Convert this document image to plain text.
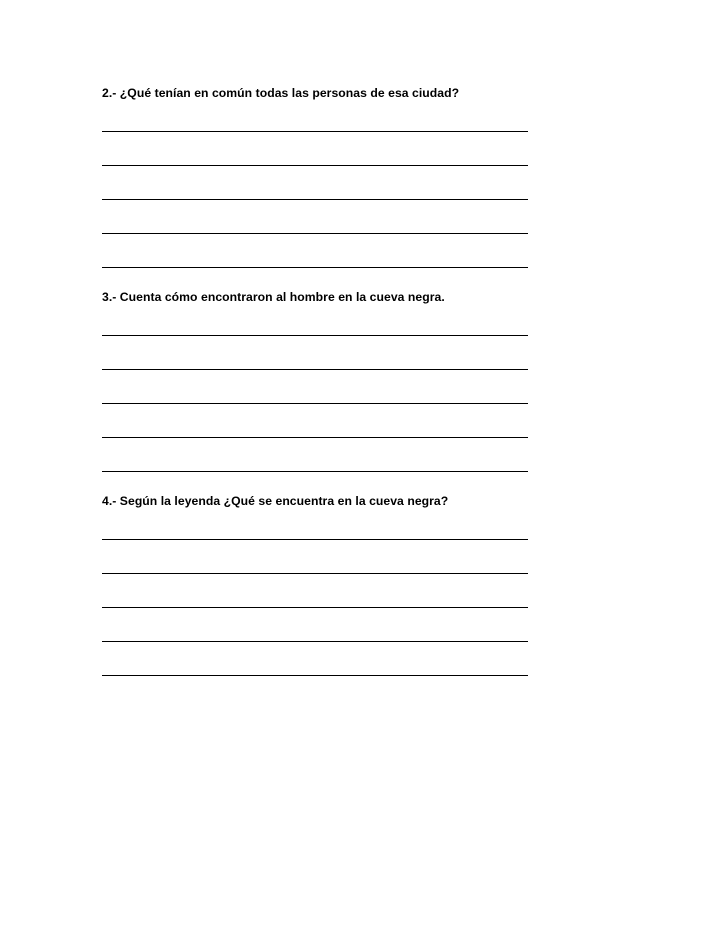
2.- ¿Qué tenían en común todas las personas de esa ciudad?
3.- Cuenta cómo encontraron al hombre en la cueva negra.
4.- Según la leyenda ¿Qué se encuentra en la cueva negra?
